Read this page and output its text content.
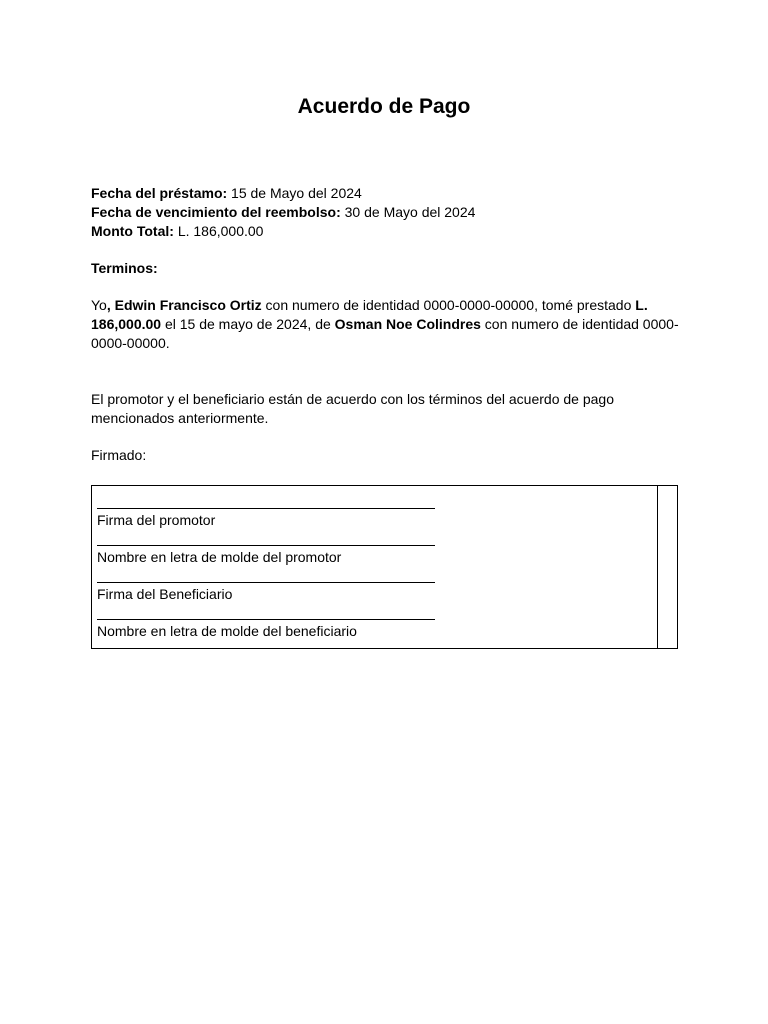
Acuerdo de Pago
Fecha del préstamo: 15 de Mayo del 2024
Fecha de vencimiento del reembolso: 30 de Mayo del 2024
Monto Total: L. 186,000.00
Terminos:
Yo, Edwin Francisco Ortiz con numero de identidad 0000-0000-00000, tomé prestado L. 186,000.00 el 15 de mayo de 2024, de Osman Noe Colindres con numero de identidad 0000-0000-00000.
El promotor y el beneficiario están de acuerdo con los términos del acuerdo de pago mencionados anteriormente.
Firmado:
Firma del promotor
Nombre en letra de molde del promotor
Firma del Beneficiario
Nombre en letra de molde del beneficiario
